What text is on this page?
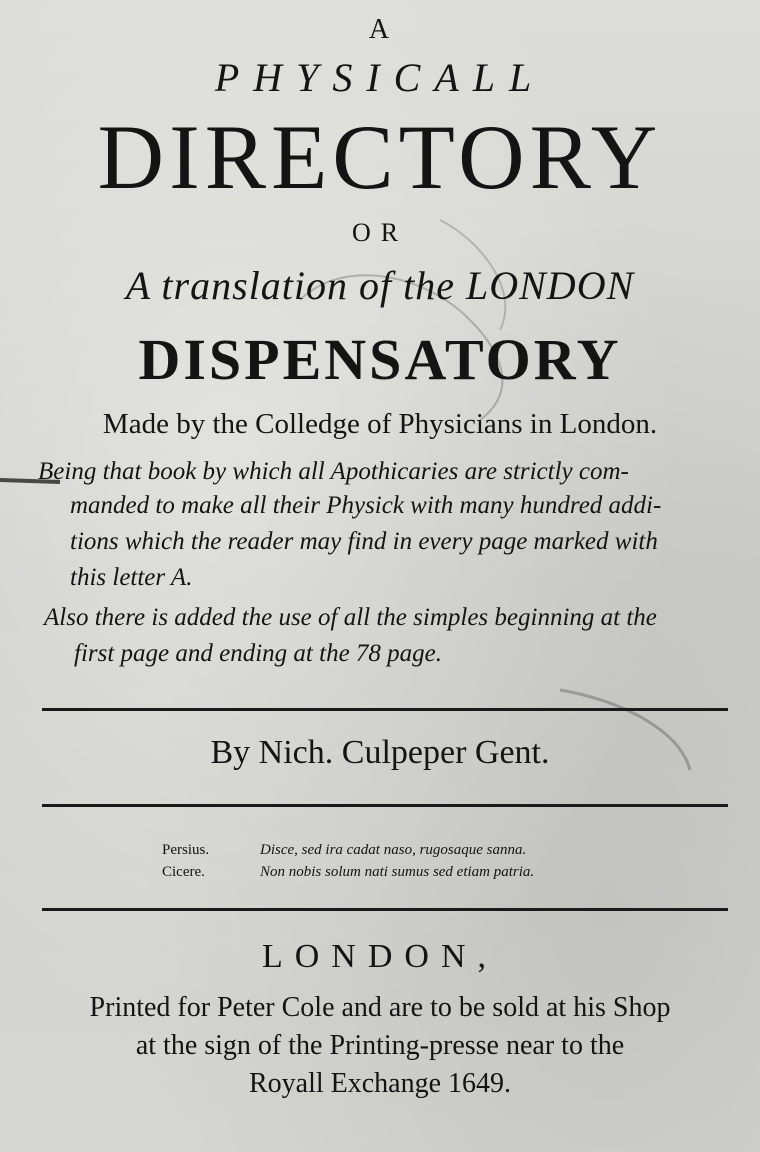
A
PHYSICALL
DIRECTORY
OR
A translation of the LONDON
DISPENSATORY
Made by the Colledge of Physicians in London.
Being that book by which all Apothicaries are strictly com-
manded to make all their Physick with many hundred addi-
tions which the reader may find in every page marked with
this letter A.
Also there is added the use of all the simples beginning at the
first page and ending at the 78 page.
By Nich. Culpeper Gent.
Persius.	Disce, sed ira cadat naso, rugosaque sanna.
Cicere.	Non nobis solum nati sumus sed etiam patria.
LONDON,
Printed for Peter Cole and are to be sold at his Shop
at the sign of the Printing-presse near to the
Royall Exchange 1649.
